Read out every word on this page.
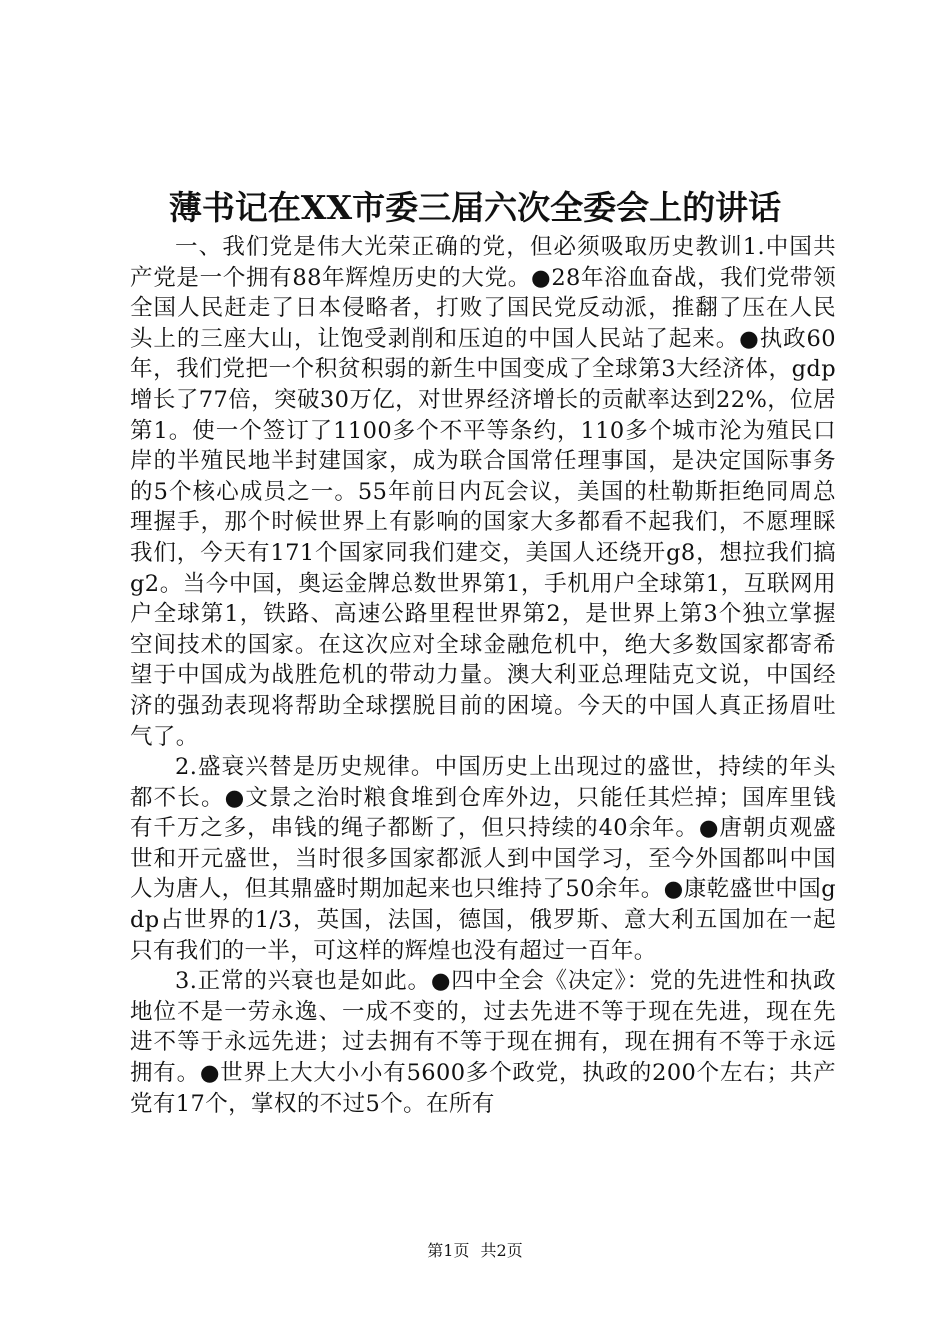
薄书记在XX市委三届六次全委会上的讲话

一、我们党是伟大光荣正确的党，但必须吸取历史教训1.中国共产党是一个拥有88年辉煌历史的大党。●28年浴血奋战，我们党带领全国人民赶走了日本侵略者，打败了国民党反动派，推翻了压在人民头上的三座大山，让饱受剥削和压迫的中国人民站了起来。●执政60年，我们党把一个积贫积弱的新生中国变成了全球第3大经济体，gdp增长了77倍，突破30万亿，对世界经济增长的贡献率达到22%，位居第1。使一个签订了1100多个不平等条约，110多个城市沦为殖民口岸的半殖民地半封建国家，成为联合国常任理事国，是决定国际事务的5个核心成员之一。55年前日内瓦会议，美国的杜勒斯拒绝同周总理握手，那个时候世界上有影响的国家大多都看不起我们，不愿理睬我们，今天有171个国家同我们建交，美国人还绕开g8，想拉我们搞g2。当今中国，奥运金牌总数世界第1，手机用户全球第1，互联网用户全球第1，铁路、高速公路里程世界第2，是世界上第3个独立掌握空间技术的国家。在这次应对全球金融危机中，绝大多数国家都寄希望于中国成为战胜危机的带动力量。澳大利亚总理陆克文说，中国经济的强劲表现将帮助全球摆脱目前的困境。今天的中国人真正扬眉吐气了。

2.盛衰兴替是历史规律。中国历史上出现过的盛世，持续的年头都不长。●文景之治时粮食堆到仓库外边，只能任其烂掉；国库里钱有千万之多，串钱的绳子都断了，但只持续的40余年。●唐朝贞观盛世和开元盛世，当时很多国家都派人到中国学习，至今外国都叫中国人为唐人，但其鼎盛时期加起来也只维持了50余年。●康乾盛世中国gdp占世界的1/3，英国，法国，德国，俄罗斯、意大利五国加在一起只有我们的一半，可这样的辉煌也没有超过一百年。

3.正常的兴衰也是如此。●四中全会《决定》：党的先进性和执政地位不是一劳永逸、一成不变的，过去先进不等于现在先进，现在先进不等于永远先进；过去拥有不等于现在拥有，现在拥有不等于永远拥有。●世界上大大小小有5600多个政党，执政的200个左右；共产党有17个，掌权的不过5个。在所有

第1页 共2页
